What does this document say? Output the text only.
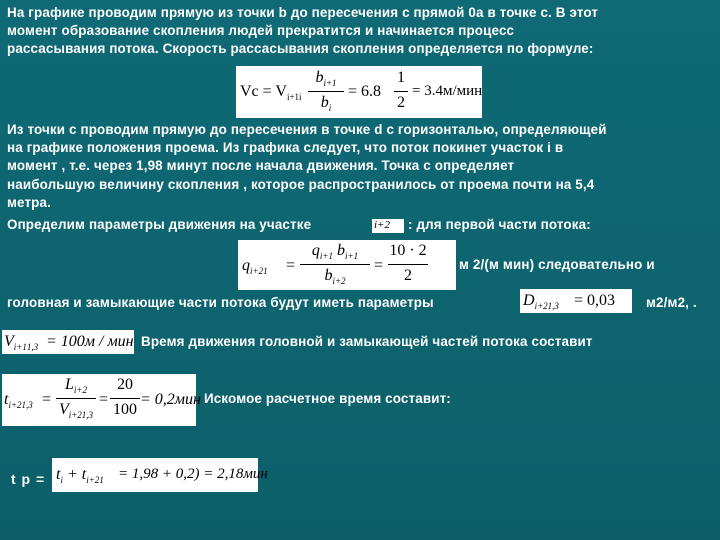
На графике проводим прямую из точки b до пересечения с прямой 0a в точке с. В этот
момент образование скопления людей прекратится и начинается процесс
рассасывания потока. Скорость рассасывания скопления определяется по формуле:
$Vc = V_{i+1i}$
$b_{i+1}$
$b_i$
= 6.8
1
2
= 3.4м/мин
Из точки с проводим прямую до пересечения в точке d с горизонталью, определяющей
на графике положения проема. Из графика следует, что поток покинет участок i в
момент , т.е. через 1,98 минут после начала движения. Точка с определяет
наибольшую величину скопления , которое распространилось от проема почти на 5,4
метра.
Определим параметры движения на участке	i+2 : для первой части потока:
$q_{i+21}$ =
$q_{i+1}$ $b_{i+1}$
$b_{i+2}$
=
10 · 2
2
м 2/(м мин) следовательно и
головная и замыкающие части потока будут иметь параметры	$D_{i+21,3} = 0,03$ м2/м2, .
$V_{i+11,3} = 100м$ / мин Время движения головной и замыкающей частей потока составит
$t_{i+21,3}$ =
$L_{i+2}$
$V_{i+21,3}$
=
20
100
= 0,2мин Искомое расчетное время составит:
t $p = t_i + t_{i+21} = 1,98 + 0,2) = 2,18мин$
